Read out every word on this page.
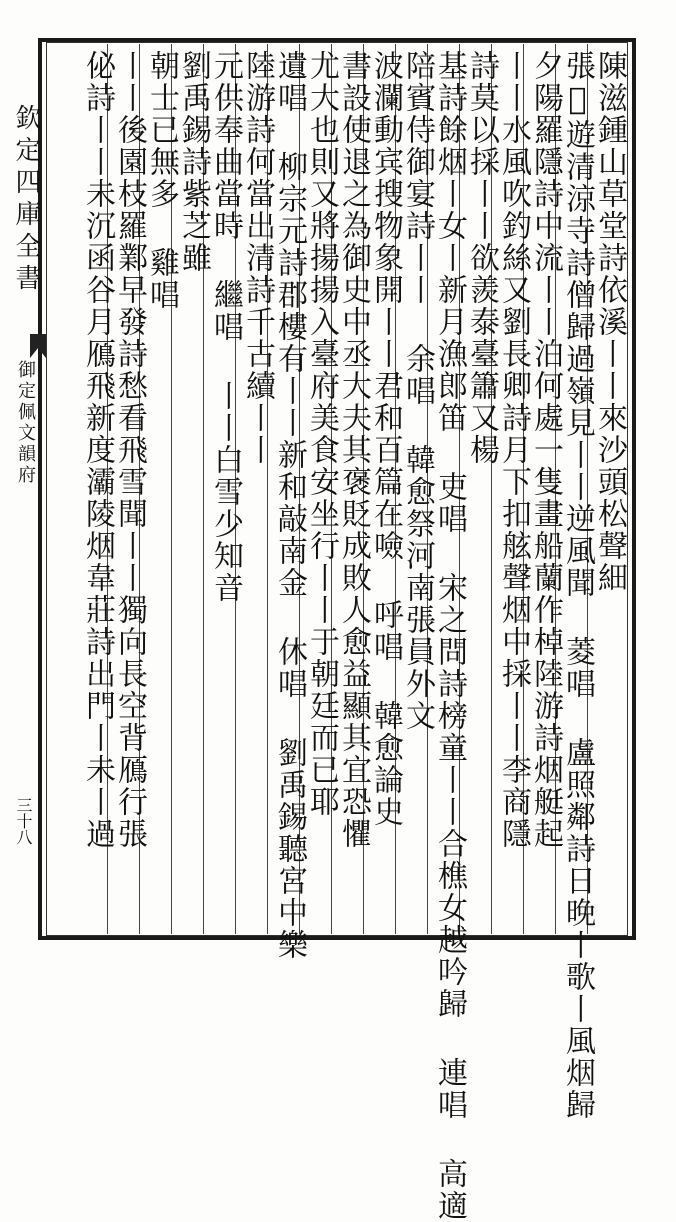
欽定四庫全書
御定佩文韻府
三十八
陳滋鍾山草堂詩依溪丨丨來沙頭松聲細
張𦒿遊清涼寺詩僧歸過嶺見丨丨逆風聞 菱唱 盧照鄰詩日晚丨歌丨風烟歸
夕陽羅隱詩中流丨丨泊何處一隻畫船蘭作棹陸游詩烟艇起
丨丨水風吹釣絲又劉長卿詩月下扣舷聲烟中採丨丨李商隱
詩莫以採丨丨欲羨泰臺簫又楊
基詩餘烟丨女丨新月漁郎笛 吏唱 宋之問詩榜童丨丨合樵女越吟歸 連唱 高適
陪賓侍御宴詩丨丨 余唱 韓愈祭河南張員外文
波瀾動宾搜物象開丨丨君和百篇在噞 呼唱 韓愈論史
書設使退之為御史中丞大夫其褒貶成敗人愈益顯其宜恐懼
尤大也則又將揚揚入臺府美食安坐行丨丨于朝廷而已耶
遺唱 柳宗元詩郡樓有丨丨新和敲南金 休唱 劉禹錫聽宮中樂
陸游詩何當出清詩千古續丨丨
元供奉曲當時 繼唱 丨丨白雪少知音
劉禹錫詩紫芝雖
朝士已無多 雞唱
丨丨後園枝羅鄴早發詩愁看飛雪聞丨丨獨向長空背鴈行張
佖詩丨丨未沉函谷月鴈飛新度灞陵烟韋莊詩出門丨未丨過
